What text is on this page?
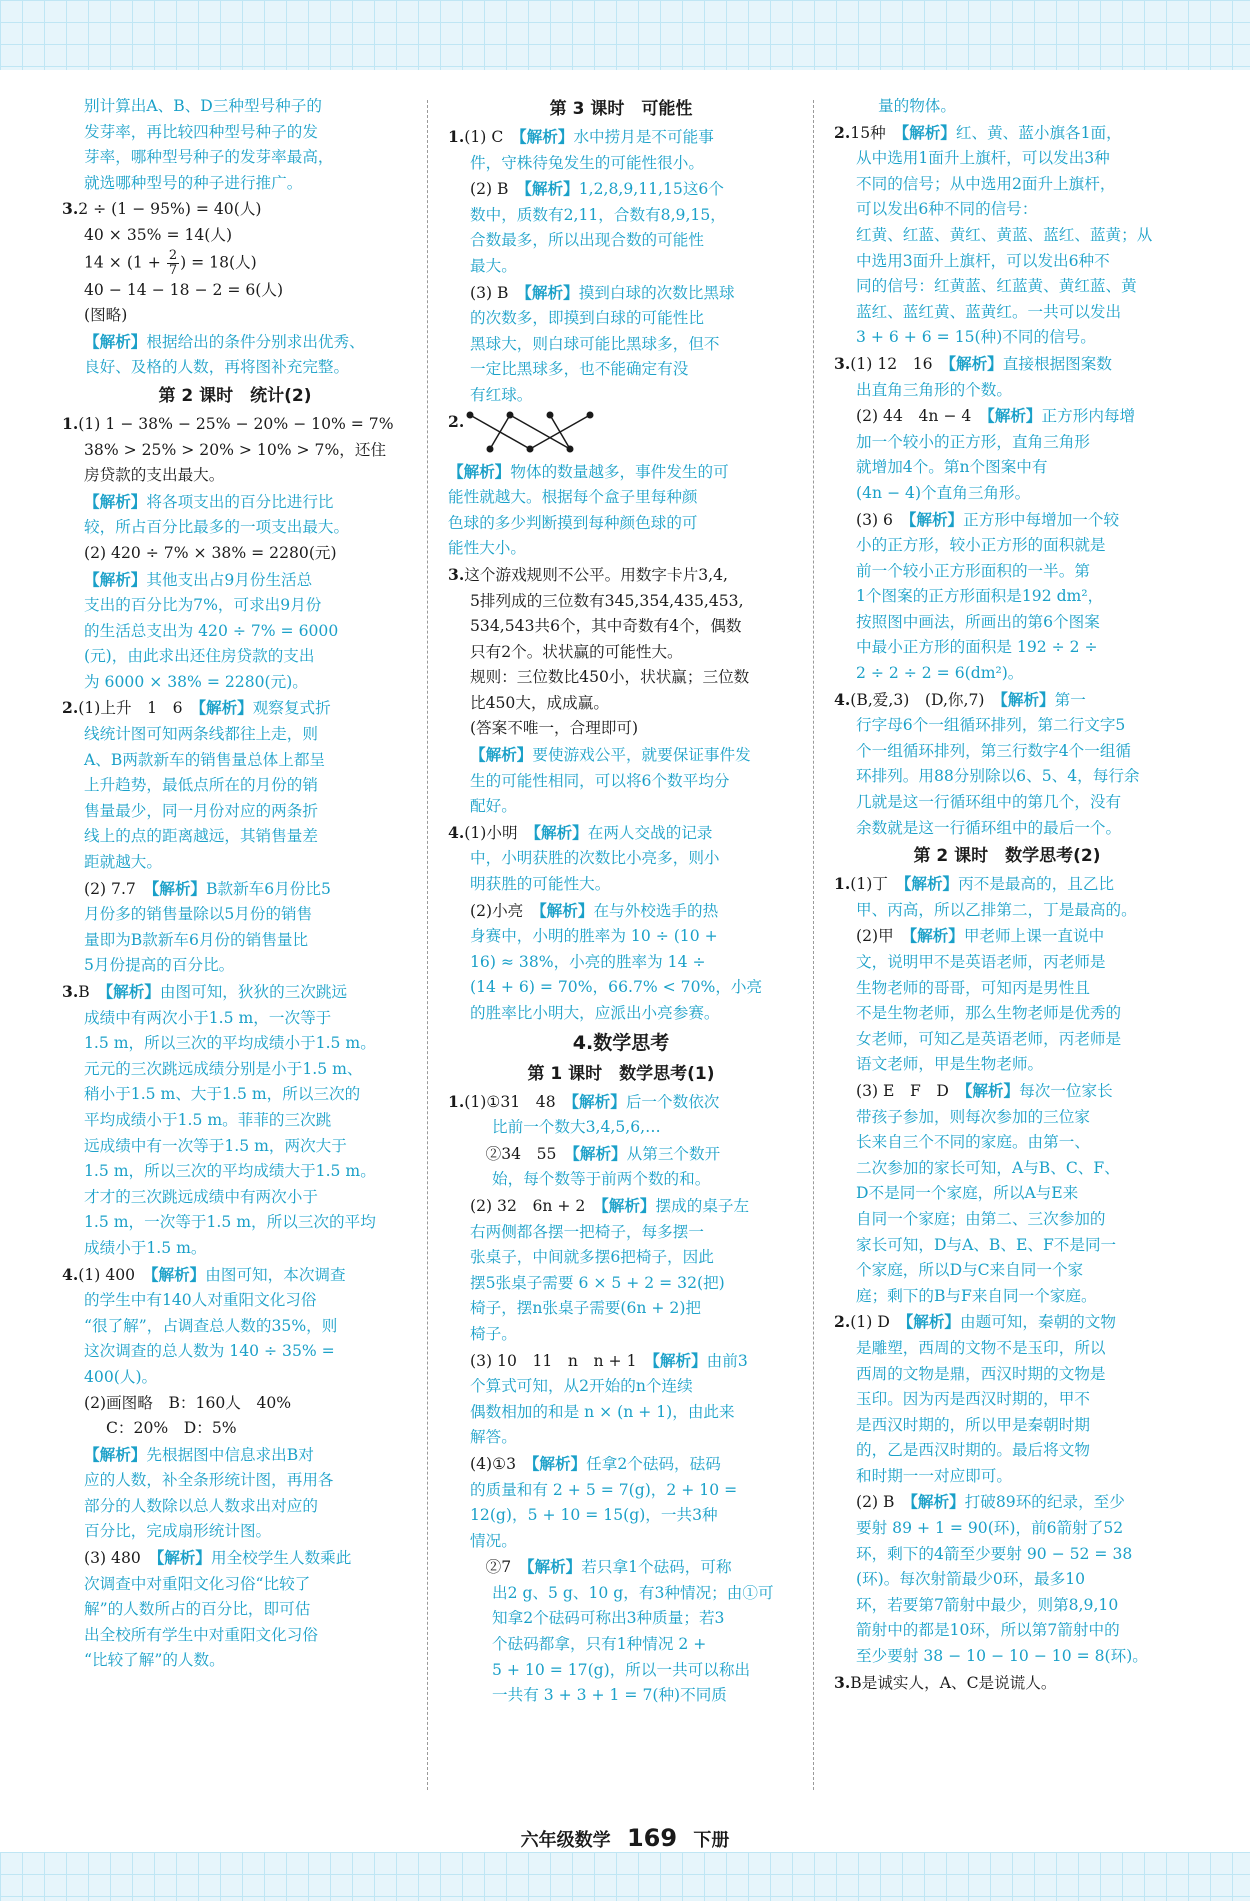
别计算出A、B、D三种型号种子的
发芽率，再比较四种型号种子的发
芽率，哪种型号种子的发芽率最高，
就选哪种型号的种子进行推广。
3.2 ÷ (1 − 95%) = 40(人)
40 × 35% = 14(人)
$14 \times (1 + \frac{2}{7}$ ) = 18(人)
40 − 14 − 18 − 2 = 6(人)
(图略)
【解析】根据给出的条件分别求出优秀、
良好、及格的人数，再将图补充完整。
第 2 课时　统计(2)
1.(1) 1 − 38% − 25% − 20% − 10% = 7%
38% > 25% > 20% > 10% > 7%，还住
房贷款的支出最大。
【解析】将各项支出的百分比进行比
较，所占百分比最多的一项支出最大。
(2) 420 ÷ 7% × 38% = 2280(元)
【解析】其他支出占9月份生活总
支出的百分比为7%，可求出9月份
的生活总支出为 420 ÷ 7% = 6000
(元)，由此求出还住房贷款的支出
为 6000 × 38% = 2280(元)。
2.(1)上升　1　6　【解析】观察复式折
线统计图可知两条线都往上走，则
A、B两款新车的销售量总体上都呈
上升趋势，最低点所在的月份的销
售量最少，同一月份对应的两条折
线上的点的距离越远，其销售量差
距就越大。
(2) 7.7　【解析】B款新车6月份比5
月份多的销售量除以5月份的销售
量即为B款新车6月份的销售量比
5月份提高的百分比。
3.B　【解析】由图可知，狄狄的三次跳远
成绩中有两次小于1.5 m，一次等于
1.5 m，所以三次的平均成绩小于1.5 m。
元元的三次跳远成绩分别是小于1.5 m、
稍小于1.5 m、大于1.5 m，所以三次的
平均成绩小于1.5 m。菲菲的三次跳
远成绩中有一次等于1.5 m，两次大于
1.5 m，所以三次的平均成绩大于1.5 m。
才才的三次跳远成绩中有两次小于
1.5 m，一次等于1.5 m，所以三次的平均
成绩小于1.5 m。
4.(1) 400　【解析】由图可知，本次调查
的学生中有140人对重阳文化习俗
“很了解”，占调查总人数的35%，则
这次调查的总人数为 140 ÷ 35% =
400(人)。
(2)画图略　B：160人　40%
C：20%　D：5%
【解析】先根据图中信息求出B对
应的人数，补全条形统计图，再用各
部分的人数除以总人数求出对应的
百分比，完成扇形统计图。
(3) 480　【解析】用全校学生人数乘此
次调查中对重阳文化习俗“比较了
解”的人数所占的百分比，即可估
出全校所有学生中对重阳文化习俗
“比较了解”的人数。
第 3 课时　可能性
1.(1) C　【解析】水中捞月是不可能事
件，守株待兔发生的可能性很小。
(2) B　【解析】1,2,8,9,11,15这6个
数中，质数有2,11，合数有8,9,15，
合数最多，所以出现合数的可能性
最大。
(3) B　【解析】摸到白球的次数比黑球
的次数多，即摸到白球的可能性比
黑球大，则白球可能比黑球多，但不
一定比黑球多，也不能确定有没
有红球。
2.
【解析】物体的数量越多，事件发生的可
能性就越大。根据每个盒子里每种颜
色球的多少判断摸到每种颜色球的可
能性大小。
3.这个游戏规则不公平。用数字卡片3,4,
5排列成的三位数有345,354,435,453,
534,543共6个，其中奇数有4个，偶数
只有2个。状状赢的可能性大。
规则：三位数比450小，状状赢；三位数
比450大，成成赢。
(答案不唯一，合理即可)
【解析】要使游戏公平，就要保证事件发
生的可能性相同，可以将6个数平均分
配好。
4.(1)小明　【解析】在两人交战的记录
中，小明获胜的次数比小亮多，则小
明获胜的可能性大。
(2)小亮　【解析】在与外校选手的热
身赛中，小明的胜率为 10 ÷ (10 +
16) ≈ 38%，小亮的胜率为 14 ÷
(14 + 6) = 70%，66.7% < 70%，小亮
的胜率比小明大，应派出小亮参赛。
4.数学思考
第 1 课时　数学思考(1)
1.(1)①31　48　【解析】后一个数依次
比前一个数大3,4,5,6,…
　②34　55　【解析】从第三个数开
始，每个数等于前两个数的和。
(2) 32　6n + 2　【解析】摆成的桌子左
右两侧都各摆一把椅子，每多摆一
张桌子，中间就多摆6把椅子，因此
摆5张桌子需要 6 × 5 + 2 = 32(把)
椅子，摆n张桌子需要(6n + 2)把
椅子。
(3) 10　11　n　n + 1　【解析】由前3
个算式可知，从2开始的n个连续
偶数相加的和是 n × (n + 1)，由此来
解答。
(4)①3　【解析】任拿2个砝码，砝码
的质量和有 2 + 5 = 7(g)，2 + 10 =
12(g)，5 + 10 = 15(g)，一共3种
情况。
　②7　【解析】若只拿1个砝码，可称
出2 g、5 g、10 g，有3种情况；由①可
知拿2个砝码可称出3种质量；若3
个砝码都拿，只有1种情况 2 +
5 + 10 = 17(g)，所以一共可以称出
一共有 3 + 3 + 1 = 7(种)不同质
量的物体。
2.15种　【解析】红、黄、蓝小旗各1面，
从中选用1面升上旗杆，可以发出3种
不同的信号；从中选用2面升上旗杆，
可以发出6种不同的信号：
红黄、红蓝、黄红、黄蓝、蓝红、蓝黄；从
中选用3面升上旗杆，可以发出6种不
同的信号：红黄蓝、红蓝黄、黄红蓝、黄
蓝红、蓝红黄、蓝黄红。一共可以发出
3 + 6 + 6 = 15(种)不同的信号。
3.(1) 12　16　【解析】直接根据图案数
出直角三角形的个数。
(2) 44　4n − 4　【解析】正方形内每增
加一个较小的正方形，直角三角形
就增加4个。第n个图案中有
(4n − 4)个直角三角形。
(3) 6　【解析】正方形中每增加一个较
小的正方形，较小正方形的面积就是
前一个较小正方形面积的一半。第
1个图案的正方形面积是192 dm²，
按照图中画法，所画出的第6个图案
中最小正方形的面积是 192 ÷ 2 ÷
2 ÷ 2 ÷ 2 = 6(dm²)。
4.(B,爱,3)　(D,你,7)　【解析】第一
行字母6个一组循环排列，第二行文字5
个一组循环排列，第三行数字4个一组循
环排列。用88分别除以6、5、4，每行余
几就是这一行循环组中的第几个，没有
余数就是这一行循环组中的最后一个。
第 2 课时　数学思考(2)
1.(1)丁　【解析】丙不是最高的，且乙比
甲、丙高，所以乙排第二，丁是最高的。
(2)甲　【解析】甲老师上课一直说中
文，说明甲不是英语老师，丙老师是
生物老师的哥哥，可知丙是男性且
不是生物老师，那么生物老师是优秀的
女老师，可知乙是英语老师，丙老师是
语文老师，甲是生物老师。
(3) E　F　D　【解析】每次一位家长
带孩子参加，则每次参加的三位家
长来自三个不同的家庭。由第一、
二次参加的家长可知，A与B、C、F、
D不是同一个家庭，所以A与E来
自同一个家庭；由第二、三次参加的
家长可知，D与A、B、E、F不是同一
个家庭，所以D与C来自同一个家
庭；剩下的B与F来自同一个家庭。
2.(1) D　【解析】由题可知，秦朝的文物
是雕塑，西周的文物不是玉印，所以
西周的文物是鼎，西汉时期的文物是
玉印。因为丙是西汉时期的，甲不
是西汉时期的，所以甲是秦朝时期
的，乙是西汉时期的。最后将文物
和时期一一对应即可。
(2) B　【解析】打破89环的纪录，至少
要射 89 + 1 = 90(环)，前6箭射了52
环，剩下的4箭至少要射 90 − 52 = 38
(环)。每次射箭最少0环，最多10
环，若要第7箭射中最少，则第8,9,10
箭射中的都是10环，所以第7箭射中的
至少要射 38 − 10 − 10 − 10 = 8(环)。
3.B是诚实人，A、C是说谎人。
六年级数学 169 下册
